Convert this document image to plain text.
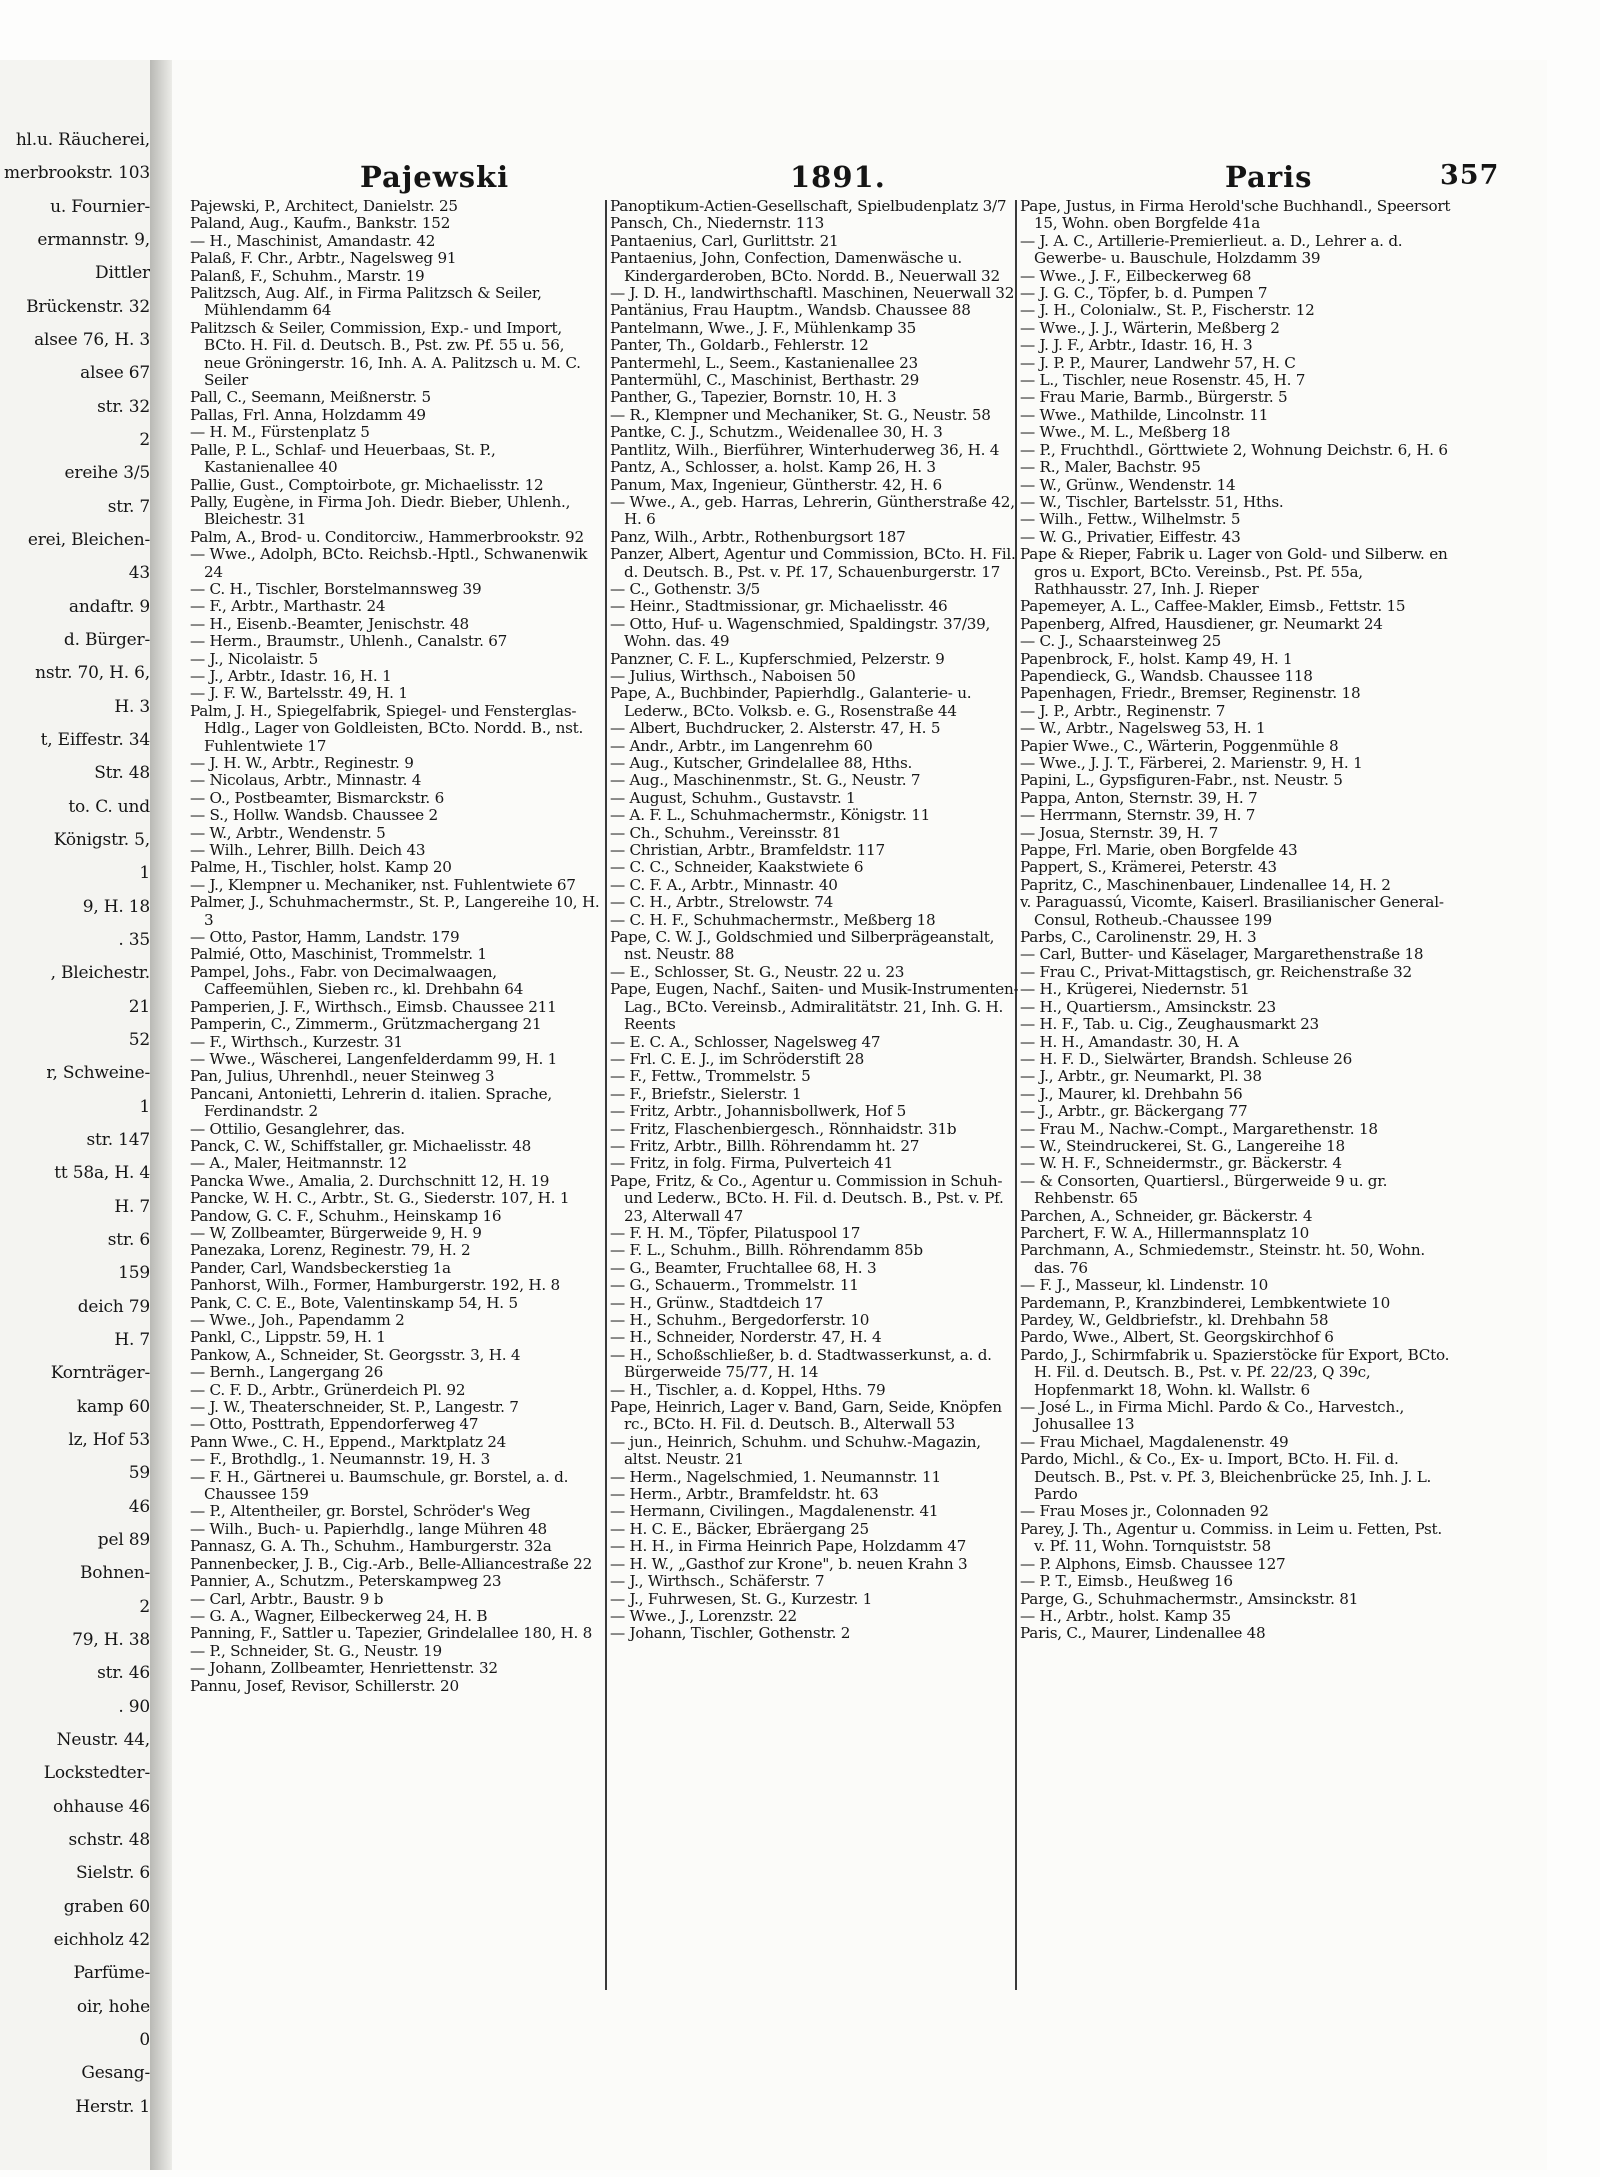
hl.u. Räucherei,
merbrookstr. 103
u. Fournier-
ermannstr. 9,
Dittler
Brückenstr. 32
alsee 76, H. 3
alsee 67
str. 32
2
ereihe 3/5
str. 7
erei, Bleichen-
43
andaftr. 9
d. Bürger-
nstr. 70, H. 6,
H. 3
t, Eiffestr. 34
Str. 48
to. C. und
Königstr. 5,
1
9, H. 18
. 35
, Bleichestr.
21
52
r, Schweine-
1
str. 147
tt 58a, H. 4
H. 7
str. 6
159
deich 79
H. 7
Kornträger-
kamp 60
lz, Hof 53
59
46
pel 89
Bohnen-
2
79, H. 38
str. 46
. 90
Neustr. 44,
Lockstedter-
ohhause 46
schstr. 48
Sielstr. 6
graben 60
eichholz 42
Parfüme-
oir, hohe
0
Gesang-
Herstr. 1
Pajewski	1891.	Paris	357
Pajewski, P., Architect, Danielstr. 25
Paland, Aug., Kaufm., Bankstr. 152
— H., Maschinist, Amandastr. 42
Palaß, F. Chr., Arbtr., Nagelsweg 91
Palanß, F., Schuhm., Marstr. 19
Palitzsch, Aug. Alf., in Firma Palitzsch & Seiler, Mühlendamm 64
Palitzsch & Seiler, Commission, Exp.- und Import, BCto. H. Fil. d. Deutsch. B., Pst. zw. Pf. 55 u. 56, neue Gröningerstr. 16, Inh. A. A. Palitzsch u. M. C. Seiler
Pall, C., Seemann, Meißnerstr. 5
Pallas, Frl. Anna, Holzdamm 49
— H. M., Fürstenplatz 5
Palle, P. L., Schlaf- und Heuerbaas, St. P., Kastanienallee 40
Pallie, Gust., Comptoirbote, gr. Michaelisstr. 12
Pally, Eugène, in Firma Joh. Diedr. Bieber, Uhlenh., Bleichestr. 31
Palm, A., Brod- u. Conditorciw., Hammerbrookstr. 92
— Wwe., Adolph, BCto. Reichsb.-Hptl., Schwanenwik 24
— C. H., Tischler, Borstelmannsweg 39
— F., Arbtr., Marthastr. 24
— H., Eisenb.-Beamter, Jenischstr. 48
— Herm., Braumstr., Uhlenh., Canalstr. 67
— J., Nicolaistr. 5
— J., Arbtr., Idastr. 16, H. 1
— J. F. W., Bartelsstr. 49, H. 1
Palm, J. H., Spiegelfabrik, Spiegel- und Fensterglas-Hdlg., Lager von Goldleisten, BCto. Nordd. B., nst. Fuhlentwiete 17
— J. H. W., Arbtr., Reginestr. 9
— Nicolaus, Arbtr., Minnastr. 4
— O., Postbeamter, Bismarckstr. 6
— S., Hollw. Wandsb. Chaussee 2
— W., Arbtr., Wendenstr. 5
— Wilh., Lehrer, Billh. Deich 43
Palme, H., Tischler, holst. Kamp 20
— J., Klempner u. Mechaniker, nst. Fuhlentwiete 67
Palmer, J., Schuhmachermstr., St. P., Langereihe 10, H. 3
— Otto, Pastor, Hamm, Landstr. 179
Palmié, Otto, Maschinist, Trommelstr. 1
Pampel, Johs., Fabr. von Decimalwaagen, Caffeemühlen, Sieben rc., kl. Drehbahn 64
Pamperien, J. F., Wirthsch., Eimsb. Chaussee 211
Pamperin, C., Zimmerm., Grützmachergang 21
— F., Wirthsch., Kurzestr. 31
— Wwe., Wäscherei, Langenfelderdamm 99, H. 1
Pan, Julius, Uhrenhdl., neuer Steinweg 3
Pancani, Antonietti, Lehrerin d. italien. Sprache, Ferdinandstr. 2
— Ottilio, Gesanglehrer, das.
Panck, C. W., Schiffstaller, gr. Michaelisstr. 48
— A., Maler, Heitmannstr. 12
Pancka Wwe., Amalia, 2. Durchschnitt 12, H. 19
Pancke, W. H. C., Arbtr., St. G., Siederstr. 107, H. 1
Pandow, G. C. F., Schuhm., Heinskamp 16
— W, Zollbeamter, Bürgerweide 9, H. 9
Panezaka, Lorenz, Reginestr. 79, H. 2
Pander, Carl, Wandsbeckerstieg 1a
Panhorst, Wilh., Former, Hamburgerstr. 192, H. 8
Pank, C. C. E., Bote, Valentinskamp 54, H. 5
— Wwe., Joh., Papendamm 2
Pankl, C., Lippstr. 59, H. 1
Pankow, A., Schneider, St. Georgsstr. 3, H. 4
— Bernh., Langergang 26
— C. F. D., Arbtr., Grünerdeich Pl. 92
— J. W., Theaterschneider, St. P., Langestr. 7
— Otto, Posttrath, Eppendorferweg 47
Pann Wwe., C. H., Eppend., Marktplatz 24
— F., Brothdlg., 1. Neumannstr. 19, H. 3
— F. H., Gärtnerei u. Baumschule, gr. Borstel, a. d. Chaussee 159
— P., Altentheiler, gr. Borstel, Schröder's Weg
— Wilh., Buch- u. Papierhdlg., lange Mühren 48
Pannasz, G. A. Th., Schuhm., Hamburgerstr. 32a
Pannenbecker, J. B., Cig.-Arb., Belle-Alliancestraße 22
Pannier, A., Schutzm., Peterskampweg 23
— Carl, Arbtr., Baustr. 9 b
— G. A., Wagner, Eilbeckerweg 24, H. B
Panning, F., Sattler u. Tapezier, Grindelallee 180, H. 8
— P., Schneider, St. G., Neustr. 19
— Johann, Zollbeamter, Henriettenstr. 32
Pannu, Josef, Revisor, Schillerstr. 20
Panoptikum-Actien-Gesellschaft, Spielbudenplatz 3/7
Pansch, Ch., Niedernstr. 113
Pantaenius, Carl, Gurlittstr. 21
Pantaenius, John, Confection, Damenwäsche u. Kindergarderoben, BCto. Nordd. B., Neuerwall 32
— J. D. H., landwirthschaftl. Maschinen, Neuerwall 32
Pantänius, Frau Hauptm., Wandsb. Chaussee 88
Pantelmann, Wwe., J. F., Mühlenkamp 35
Panter, Th., Goldarb., Fehlerstr. 12
Pantermehl, L., Seem., Kastanienallee 23
Pantermühl, C., Maschinist, Berthastr. 29
Panther, G., Tapezier, Bornstr. 10, H. 3
— R., Klempner und Mechaniker, St. G., Neustr. 58
Pantke, C. J., Schutzm., Weidenallee 30, H. 3
Pantlitz, Wilh., Bierführer, Winterhuderweg 36, H. 4
Pantz, A., Schlosser, a. holst. Kamp 26, H. 3
Panum, Max, Ingenieur, Güntherstr. 42, H. 6
— Wwe., A., geb. Harras, Lehrerin, Güntherstraße 42, H. 6
Panz, Wilh., Arbtr., Rothenburgsort 187
Panzer, Albert, Agentur und Commission, BCto. H. Fil. d. Deutsch. B., Pst. v. Pf. 17, Schauenburgerstr. 17
— C., Gothenstr. 3/5
— Heinr., Stadtmissionar, gr. Michaelisstr. 46
— Otto, Huf- u. Wagenschmied, Spaldingstr. 37/39, Wohn. das. 49
Panzner, C. F. L., Kupferschmied, Pelzerstr. 9
— Julius, Wirthsch., Naboisen 50
Pape, A., Buchbinder, Papierhdlg., Galanterie- u. Lederw., BCto. Volksb. e. G., Rosenstraße 44
— Albert, Buchdrucker, 2. Alsterstr. 47, H. 5
— Andr., Arbtr., im Langenrehm 60
— Aug., Kutscher, Grindelallee 88, Hths.
— Aug., Maschinenmstr., St. G., Neustr. 7
— August, Schuhm., Gustavstr. 1
— A. F. L., Schuhmachermstr., Königstr. 11
— Ch., Schuhm., Vereinsstr. 81
— Christian, Arbtr., Bramfeldstr. 117
— C. C., Schneider, Kaakstwiete 6
— C. F. A., Arbtr., Minnastr. 40
— C. H., Arbtr., Strelowstr. 74
— C. H. F., Schuhmachermstr., Meßberg 18
Pape, C. W. J., Goldschmied und Silberprägeanstalt, nst. Neustr. 88
— E., Schlosser, St. G., Neustr. 22 u. 23
Pape, Eugen, Nachf., Saiten- und Musik-Instrumenten-Lag., BCto. Vereinsb., Admiralitätstr. 21, Inh. G. H. Reents
— E. C. A., Schlosser, Nagelsweg 47
— Frl. C. E. J., im Schröderstift 28
— F., Fettw., Trommelstr. 5
— F., Briefstr., Sielerstr. 1
— Fritz, Arbtr., Johannisbollwerk, Hof 5
— Fritz, Flaschenbiergesch., Rönnhaidstr. 31b
— Fritz, Arbtr., Billh. Röhrendamm ht. 27
— Fritz, in folg. Firma, Pulverteich 41
Pape, Fritz, & Co., Agentur u. Commission in Schuh- und Lederw., BCto. H. Fil. d. Deutsch. B., Pst. v. Pf. 23, Alterwall 47
— F. H. M., Töpfer, Pilatuspool 17
— F. L., Schuhm., Billh. Röhrendamm 85b
— G., Beamter, Fruchtallee 68, H. 3
— G., Schauerm., Trommelstr. 11
— H., Grünw., Stadtdeich 17
— H., Schuhm., Bergedorferstr. 10
— H., Schneider, Norderstr. 47, H. 4
— H., Schoßschließer, b. d. Stadtwasserkunst, a. d. Bürgerweide 75/77, H. 14
— H., Tischler, a. d. Koppel, Hths. 79
Pape, Heinrich, Lager v. Band, Garn, Seide, Knöpfen rc., BCto. H. Fil. d. Deutsch. B., Alterwall 53
— jun., Heinrich, Schuhm. und Schuhw.-Magazin, altst. Neustr. 21
— Herm., Nagelschmied, 1. Neumannstr. 11
— Herm., Arbtr., Bramfeldstr. ht. 63
— Hermann, Civilingen., Magdalenenstr. 41
— H. C. E., Bäcker, Ebräergang 25
— H. H., in Firma Heinrich Pape, Holzdamm 47
— H. W., „Gasthof zur Krone", b. neuen Krahn 3
— J., Wirthsch., Schäferstr. 7
— J., Fuhrwesen, St. G., Kurzestr. 1
— Wwe., J., Lorenzstr. 22
— Johann, Tischler, Gothenstr. 2
Pape, Justus, in Firma Herold'sche Buchhandl., Speersort 15, Wohn. oben Borgfelde 41a
— J. A. C., Artillerie-Premierlieut. a. D., Lehrer a. d. Gewerbe- u. Bauschule, Holzdamm 39
— Wwe., J. F., Eilbeckerweg 68
— J. G. C., Töpfer, b. d. Pumpen 7
— J. H., Colonialw., St. P., Fischerstr. 12
— Wwe., J. J., Wärterin, Meßberg 2
— J. J. F., Arbtr., Idastr. 16, H. 3
— J. P. P., Maurer, Landwehr 57, H. C
— L., Tischler, neue Rosenstr. 45, H. 7
— Frau Marie, Barmb., Bürgerstr. 5
— Wwe., Mathilde, Lincolnstr. 11
— Wwe., M. L., Meßberg 18
— P., Fruchthdl., Görttwiete 2, Wohnung Deichstr. 6, H. 6
— R., Maler, Bachstr. 95
— W., Grünw., Wendenstr. 14
— W., Tischler, Bartelsstr. 51, Hths.
— Wilh., Fettw., Wilhelmstr. 5
— W. G., Privatier, Eiffestr. 43
Pape & Rieper, Fabrik u. Lager von Gold- und Silberw. en gros u. Export, BCto. Vereinsb., Pst. Pf. 55a, Rathhausstr. 27, Inh. J. Rieper
Papemeyer, A. L., Caffee-Makler, Eimsb., Fettstr. 15
Papenberg, Alfred, Hausdiener, gr. Neumarkt 24
— C. J., Schaarsteinweg 25
Papenbrock, F., holst. Kamp 49, H. 1
Papendieck, G., Wandsb. Chaussee 118
Papenhagen, Friedr., Bremser, Reginenstr. 18
— J. P., Arbtr., Reginenstr. 7
— W., Arbtr., Nagelsweg 53, H. 1
Papier Wwe., C., Wärterin, Poggenmühle 8
— Wwe., J. J. T., Färberei, 2. Marienstr. 9, H. 1
Papini, L., Gypsfiguren-Fabr., nst. Neustr. 5
Pappa, Anton, Sternstr. 39, H. 7
— Herrmann, Sternstr. 39, H. 7
— Josua, Sternstr. 39, H. 7
Pappe, Frl. Marie, oben Borgfelde 43
Pappert, S., Krämerei, Peterstr. 43
Papritz, C., Maschinenbauer, Lindenallee 14, H. 2
v. Paraguassú, Vicomte, Kaiserl. Brasilianischer General-Consul, Rotheub.-Chaussee 199
Parbs, C., Carolinenstr. 29, H. 3
— Carl, Butter- und Käselager, Margarethenstraße 18
— Frau C., Privat-Mittagstisch, gr. Reichenstraße 32
— H., Krügerei, Niedernstr. 51
— H., Quartiersm., Amsinckstr. 23
— H. F., Tab. u. Cig., Zeughausmarkt 23
— H. H., Amandastr. 30, H. A
— H. F. D., Sielwärter, Brandsh. Schleuse 26
— J., Arbtr., gr. Neumarkt, Pl. 38
— J., Maurer, kl. Drehbahn 56
— J., Arbtr., gr. Bäckergang 77
— Frau M., Nachw.-Compt., Margarethenstr. 18
— W., Steindruckerei, St. G., Langereihe 18
— W. H. F., Schneidermstr., gr. Bäckerstr. 4
— & Consorten, Quartiersl., Bürgerweide 9 u. gr. Rehbenstr. 65
Parchen, A., Schneider, gr. Bäckerstr. 4
Parchert, F. W. A., Hillermannsplatz 10
Parchmann, A., Schmiedemstr., Steinstr. ht. 50, Wohn. das. 76
— F. J., Masseur, kl. Lindenstr. 10
Pardemann, P., Kranzbinderei, Lembkentwiete 10
Pardey, W., Geldbriefstr., kl. Drehbahn 58
Pardo, Wwe., Albert, St. Georgskirchhof 6
Pardo, J., Schirmfabrik u. Spazierstöcke für Export, BCto. H. Fil. d. Deutsch. B., Pst. v. Pf. 22/23, Q 39c, Hopfenmarkt 18, Wohn. kl. Wallstr. 6
— José L., in Firma Michl. Pardo & Co., Harvestch., Johusallee 13
— Frau Michael, Magdalenenstr. 49
Pardo, Michl., & Co., Ex- u. Import, BCto. H. Fil. d. Deutsch. B., Pst. v. Pf. 3, Bleichenbrücke 25, Inh. J. L. Pardo
— Frau Moses jr., Colonnaden 92
Parey, J. Th., Agentur u. Commiss. in Leim u. Fetten, Pst. v. Pf. 11, Wohn. Tornquiststr. 58
— P. Alphons, Eimsb. Chaussee 127
— P. T., Eimsb., Heußweg 16
Parge, G., Schuhmachermstr., Amsinckstr. 81
— H., Arbtr., holst. Kamp 35
Paris, C., Maurer, Lindenallee 48
